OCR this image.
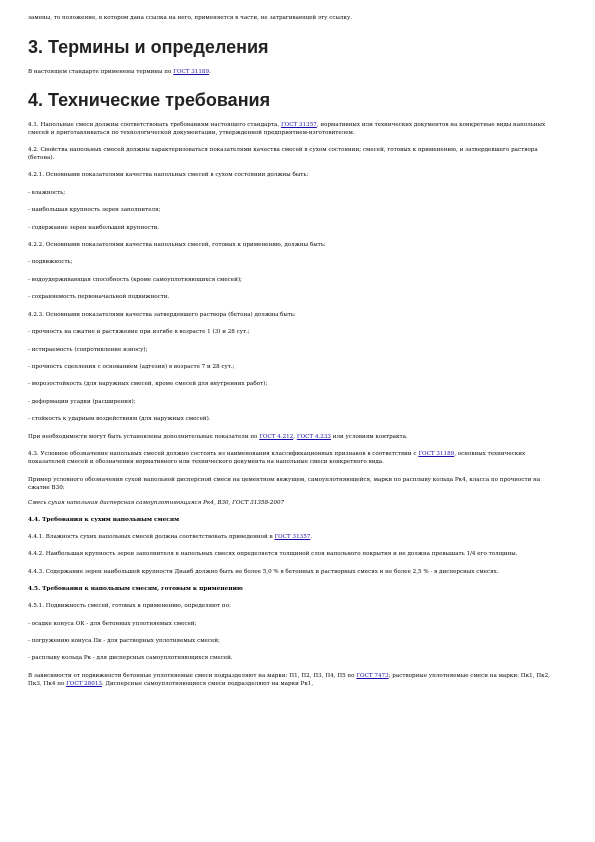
замены, то положение, в котором дана ссылка на него, применяется в части, не затрагивающей эту ссылку.

3. Термины и определения

В настоящем стандарте применены термины по ГОСТ 31189.

4. Технические требования

4.1. Напольные смеси должны соответствовать требованиям настоящего стандарта, ГОСТ 31357, нормативных или технических документов на конкретные виды напольных смесей и приготавливаться по технологической документации, утвержденной предприятием-изготовителем.

4.2. Свойства напольных смесей должны характеризоваться показателями качества смесей в сухом состоянии; смесей, готовых к применению, и затвердевшего раствора (бетона).

4.2.1. Основными показателями качества напольных смесей в сухом состоянии должны быть:

- влажность;

- наибольшая крупность зерен заполнителя;

- содержание зерен наибольшей крупности.

4.2.2. Основными показателями качества напольных смесей, готовых к применению, должны быть:

- подвижность;

- водоудерживающая способность (кроме самоуплотняющихся смесей);

- сохраняемость первоначальной подвижности.

4.2.3. Основными показателями качества затвердевшего раствора (бетона) должны быть:

- прочность на сжатие и растяжение при изгибе в возрасте 1 (3) и 28 сут.;

- истираемость (сопротивление износу);

- прочность сцепления с основанием (адгезия) в возрасте 7 и 28 сут.;

- морозостойкость (для наружных смесей, кроме смесей для внутренних работ);

- деформации усадки (расширения);

- стойкость к ударным воздействиям (для наружных смесей).

При необходимости могут быть установлены дополнительные показатели по ГОСТ 4.212, ГОСТ 4.233 или условиям контракта.

4.3. Условное обозначение напольных смесей должно состоять из наименования классификационных признаков в соответствии с ГОСТ 31189, основных технических показателей смесей и обозначения нормативного или технического документа на напольные смеси конкретного вида.

Пример условного обозначения сухой напольной дисперсной смеси на цементном вяжущем, самоуплотняющейся, марки по расплыву кольца Рк4, класса по прочности на сжатие В30:

Смесь сухая напольная дисперсная самоуплотняющаяся Рк4, В30, ГОСТ 31358-2007

4.4. Требования к сухим напольным смесям

4.4.1. Влажность сухих напольных смесей должна соответствовать приведенной в ГОСТ 31357.

4.4.2. Наибольшая крупность зерен заполнителя в напольных смесях определяется толщиной слоя напольного покрытия и не должна превышать 1/4 его толщины.

4.4.3. Содержание зерен наибольшей крупности Днаиб должно быть не более 5,0 % в бетонных и растворных смесях и не более 2,5 % - в дисперсных смесях.

4.5. Требования к напольным смесям, готовым к применению

4.5.1. Подвижность смесей, готовых к применению, определяют по:

- осадке конуса ОК - для бетонных уплотняемых смесей;

- погружению конуса Пк - для растворных уплотняемых смесей;

- расплыву кольца Рк - для дисперсных самоуплотняющихся смесей.

В зависимости от подвижности бетонные уплотняемые смеси подразделяют на марки: П1, П2, П3, П4, П5 по ГОСТ 7473; растворные уплотняемые смеси на марки: Пк1, Пк2, Пк3, Пк4 по ГОСТ 28013. Дисперсные самоуплотняющиеся смеси подразделяют на марки Рк1,
